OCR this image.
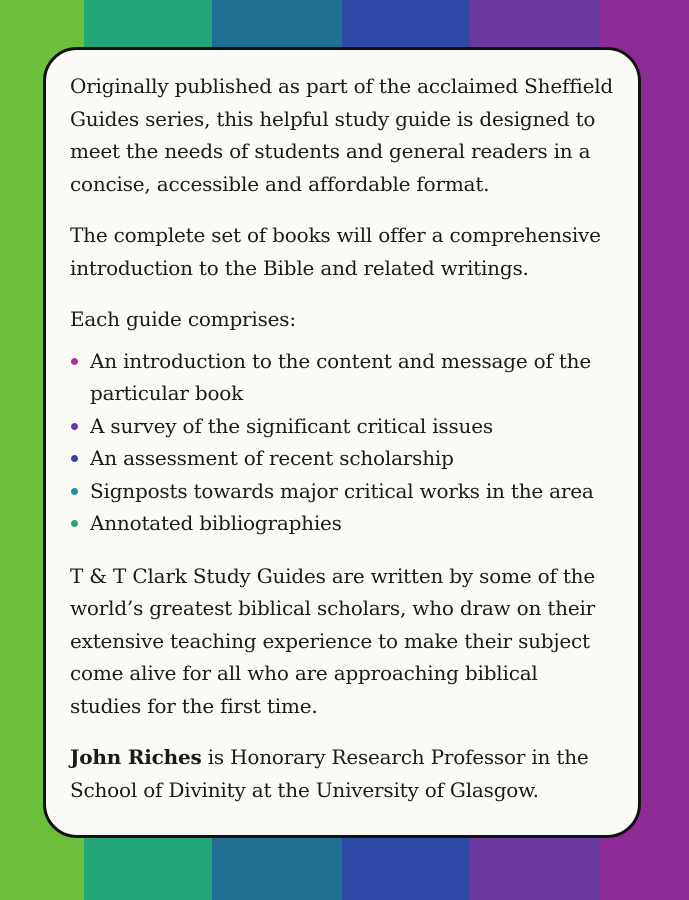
Originally published as part of the acclaimed Sheffield Guides series, this helpful study guide is designed to meet the needs of students and general readers in a concise, accessible and affordable format.

The complete set of books will offer a comprehensive introduction to the Bible and related writings.

Each guide comprises:

An introduction to the content and message of the particular book
A survey of the significant critical issues
An assessment of recent scholarship
Signposts towards major critical works in the area
Annotated bibliographies

T & T Clark Study Guides are written by some of the world’s greatest biblical scholars, who draw on their extensive teaching experience to make their subject come alive for all who are approaching biblical studies for the first time.

John Riches is Honorary Research Professor in the School of Divinity at the University of Glasgow.
